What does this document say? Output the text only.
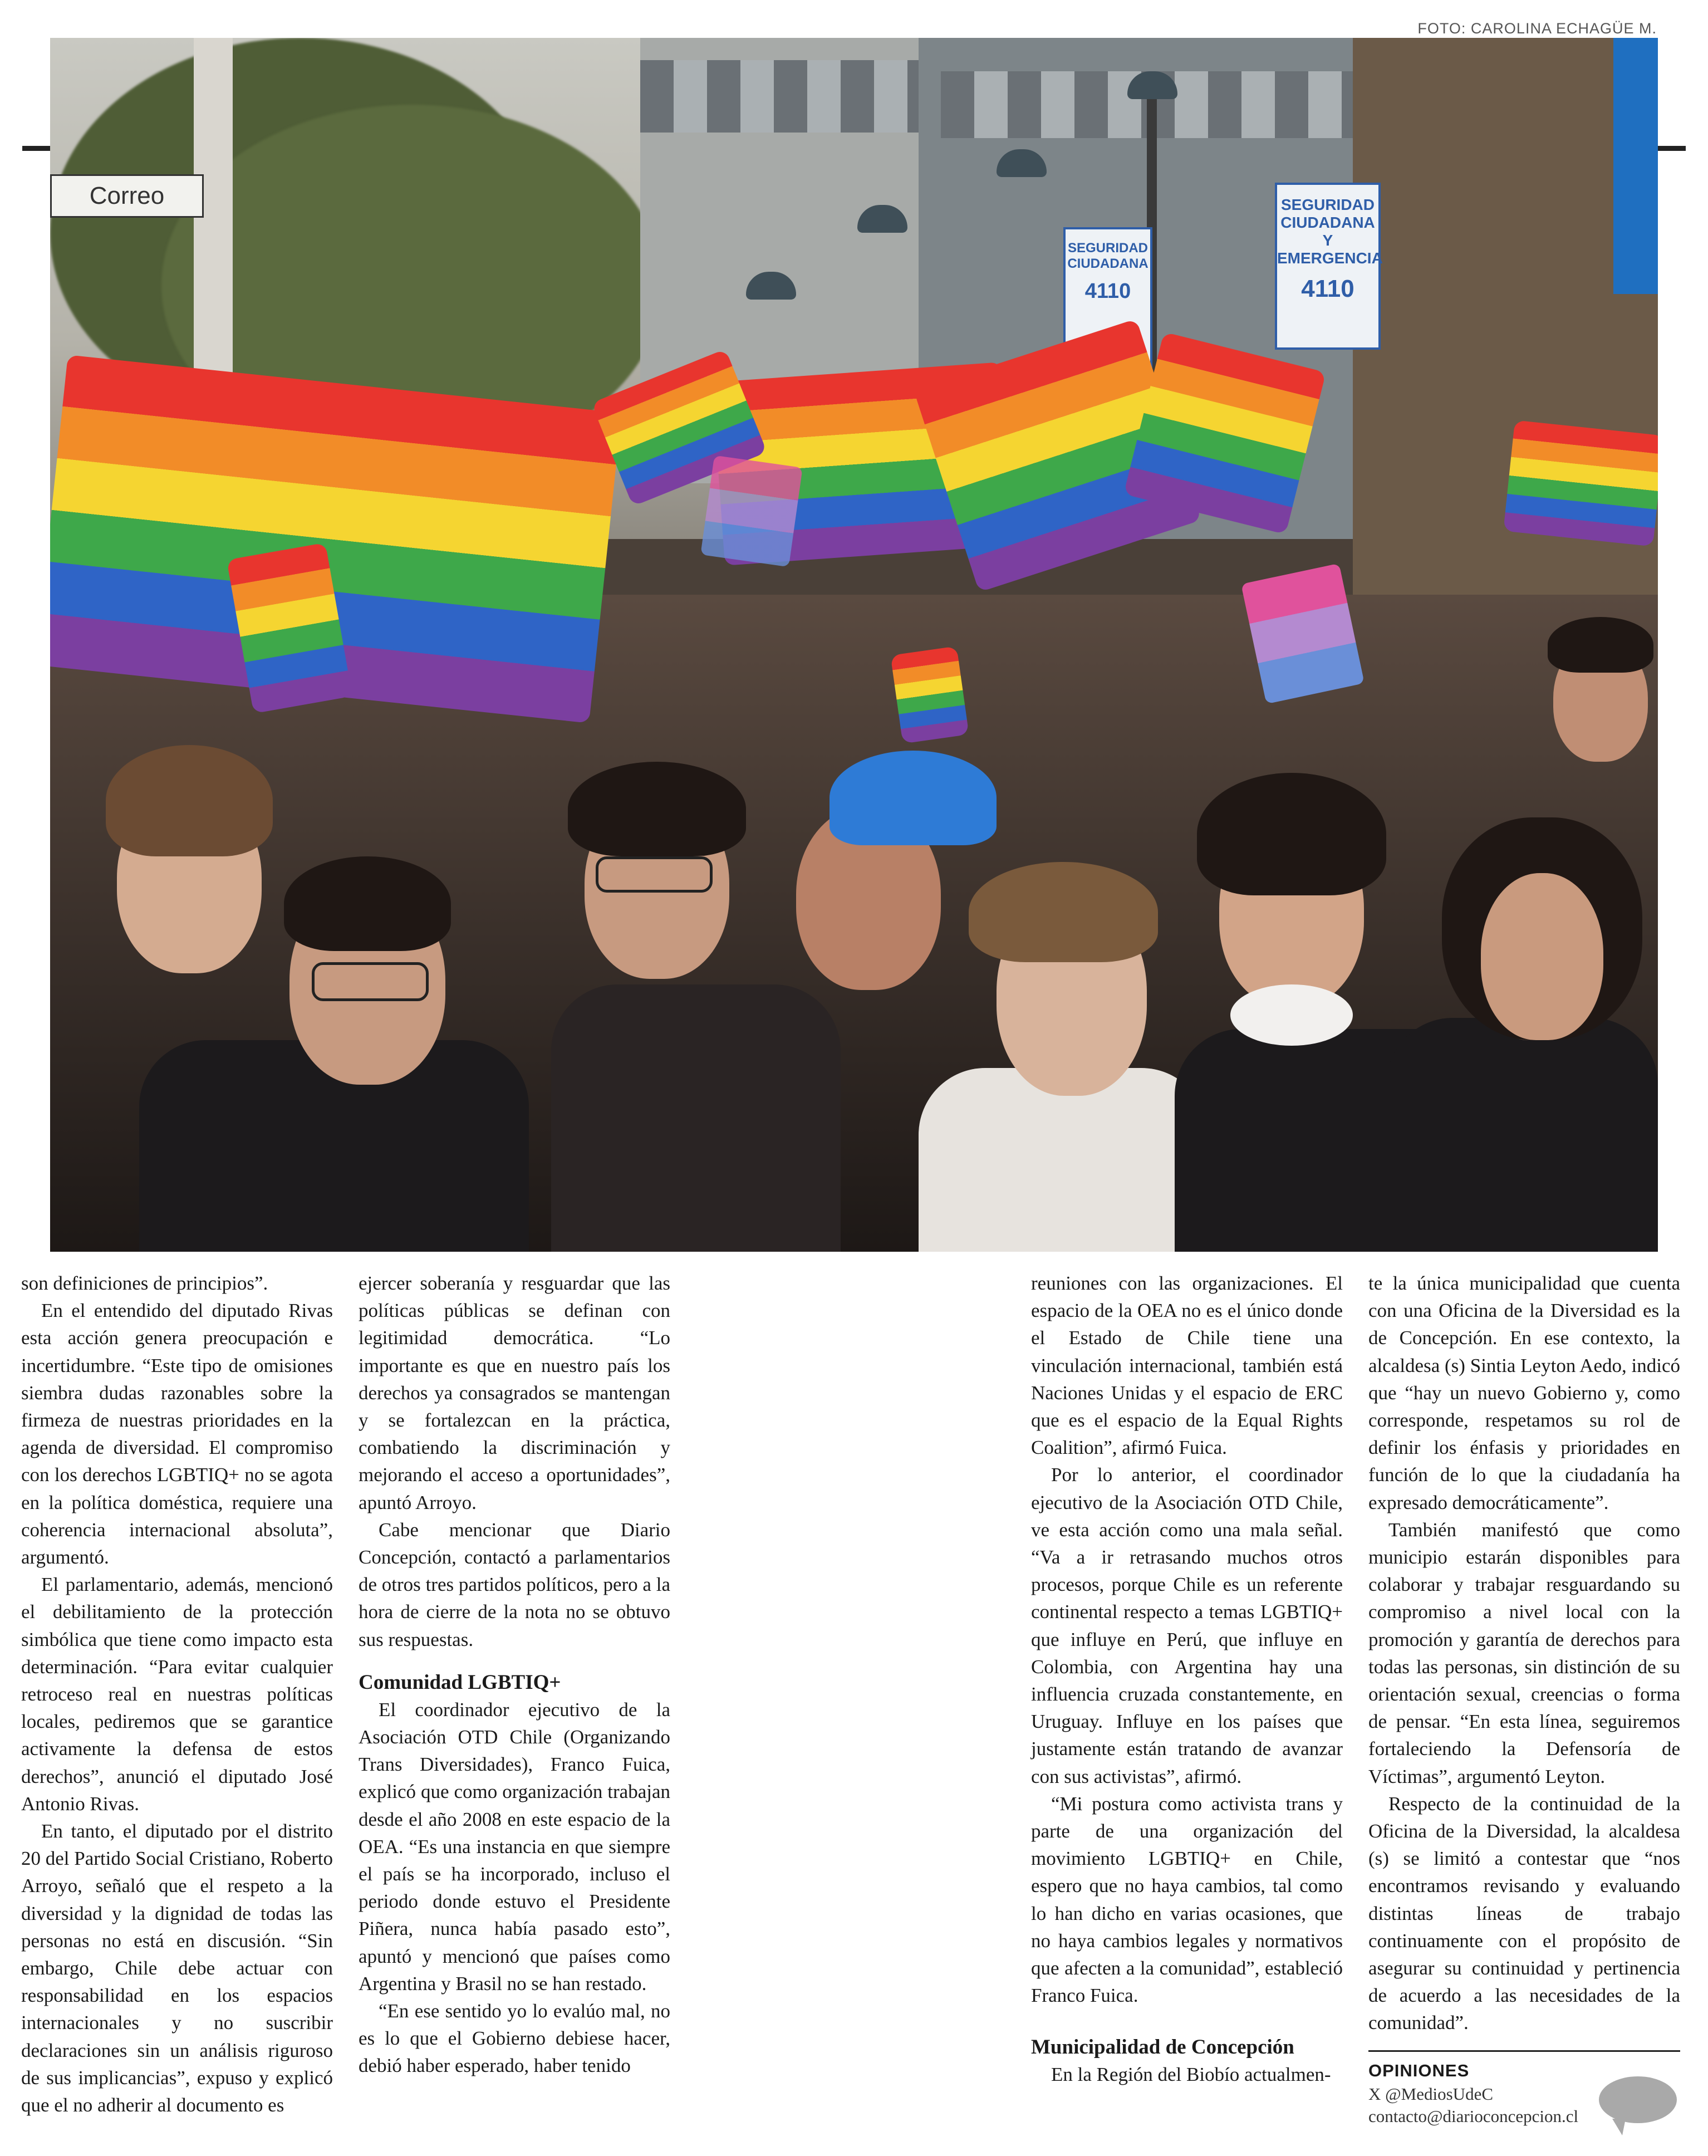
FOTO: CAROLINA ECHAGÜE M.
Correo	SEGURIDAD CIUDADANA Y EMERGENCIA
4110
SEGURIDAD CIUDADANA
4110

son definiciones de principios”.

En el entendido del diputado Rivas esta acción genera preocupación e incertidumbre. “Este tipo de omisiones siembra dudas razonables sobre la firmeza de nuestras prioridades en la agenda de diversidad. El compromiso con los derechos LGBTIQ+ no se agota en la política doméstica, requiere una coherencia internacional absoluta”, argumentó.

El parlamentario, además, mencionó el debilitamiento de la protección simbólica que tiene como impacto esta determinación. “Para evitar cualquier retroceso real en nuestras políticas locales, pediremos que se garantice activamente la defensa de estos derechos”, anunció el diputado José Antonio Rivas.

En tanto, el diputado por el distrito 20 del Partido Social Cristiano, Roberto Arroyo, señaló que el respeto a la diversidad y la dignidad de todas las personas no está en discusión. “Sin embargo, Chile debe actuar con responsabilidad en los espacios internacionales y no suscribir declaraciones sin un análisis riguroso de sus implicancias”, expuso y explicó que el no adherir al documento es

ejercer soberanía y resguardar que las políticas públicas se definan con legitimidad democrática. “Lo importante es que en nuestro país los derechos ya consagrados se mantengan y se fortalezcan en la práctica, combatiendo la discriminación y mejorando el acceso a oportunidades”, apuntó Arroyo.

Cabe mencionar que Diario Concepción, contactó a parlamentarios de otros tres partidos políticos, pero a la hora de cierre de la nota no se obtuvo sus respuestas.

Comunidad LGBTIQ+

El coordinador ejecutivo de la Asociación OTD Chile (Organizando Trans Diversidades), Franco Fuica, explicó que como organización trabajan desde el año 2008 en este espacio de la OEA. “Es una instancia en que siempre el país se ha incorporado, incluso el periodo donde estuvo el Presidente Piñera, nunca había pasado esto”, apuntó y mencionó que países como Argentina y Brasil no se han restado.

“En ese sentido yo lo evalúo mal, no es lo que el Gobierno debiese hacer, debió haber esperado, haber tenido

reuniones con las organizaciones. El espacio de la OEA no es el único donde el Estado de Chile tiene una vinculación internacional, también está Naciones Unidas y el espacio de ERC que es el espacio de la Equal Rights Coalition”, afirmó Fuica.

Por lo anterior, el coordinador ejecutivo de la Asociación OTD Chile, ve esta acción como una mala señal. “Va a ir retrasando muchos otros procesos, porque Chile es un referente continental respecto a temas LGBTIQ+ que influye en Perú, que influye en Colombia, con Argentina hay una influencia cruzada constantemente, en Uruguay. Influye en los países que justamente están tratando de avanzar con sus activistas”, afirmó.

“Mi postura como activista trans y parte de una organización del movimiento LGBTIQ+ en Chile, espero que no haya cambios, tal como lo han dicho en varias ocasiones, que no haya cambios legales y normativos que afecten a la comunidad”, estableció Franco Fuica.

Municipalidad de Concepción

En la Región del Biobío actualmen-

te la única municipalidad que cuenta con una Oficina de la Diversidad es la de Concepción. En ese contexto, la alcaldesa (s) Sintia Leyton Aedo, indicó que “hay un nuevo Gobierno y, como corresponde, respetamos su rol de definir los énfasis y prioridades en función de lo que la ciudadanía ha expresado democráticamente”.

También manifestó que como municipio estarán disponibles para colaborar y trabajar resguardando su compromiso a nivel local con la promoción y garantía de derechos para todas las personas, sin distinción de su orientación sexual, creencias o forma de pensar. “En esta línea, seguiremos fortaleciendo la Defensoría de Víctimas”, argumentó Leyton.

Respecto de la continuidad de la Oficina de la Diversidad, la alcaldesa (s) se limitó a contestar que “nos encontramos revisando y evaluando distintas líneas de trabajo continuamente con el propósito de asegurar su continuidad y pertinencia de acuerdo a las necesidades de la comunidad”.

OPINIONES
X @MediosUdeC
contacto@diarioconcepcion.cl
